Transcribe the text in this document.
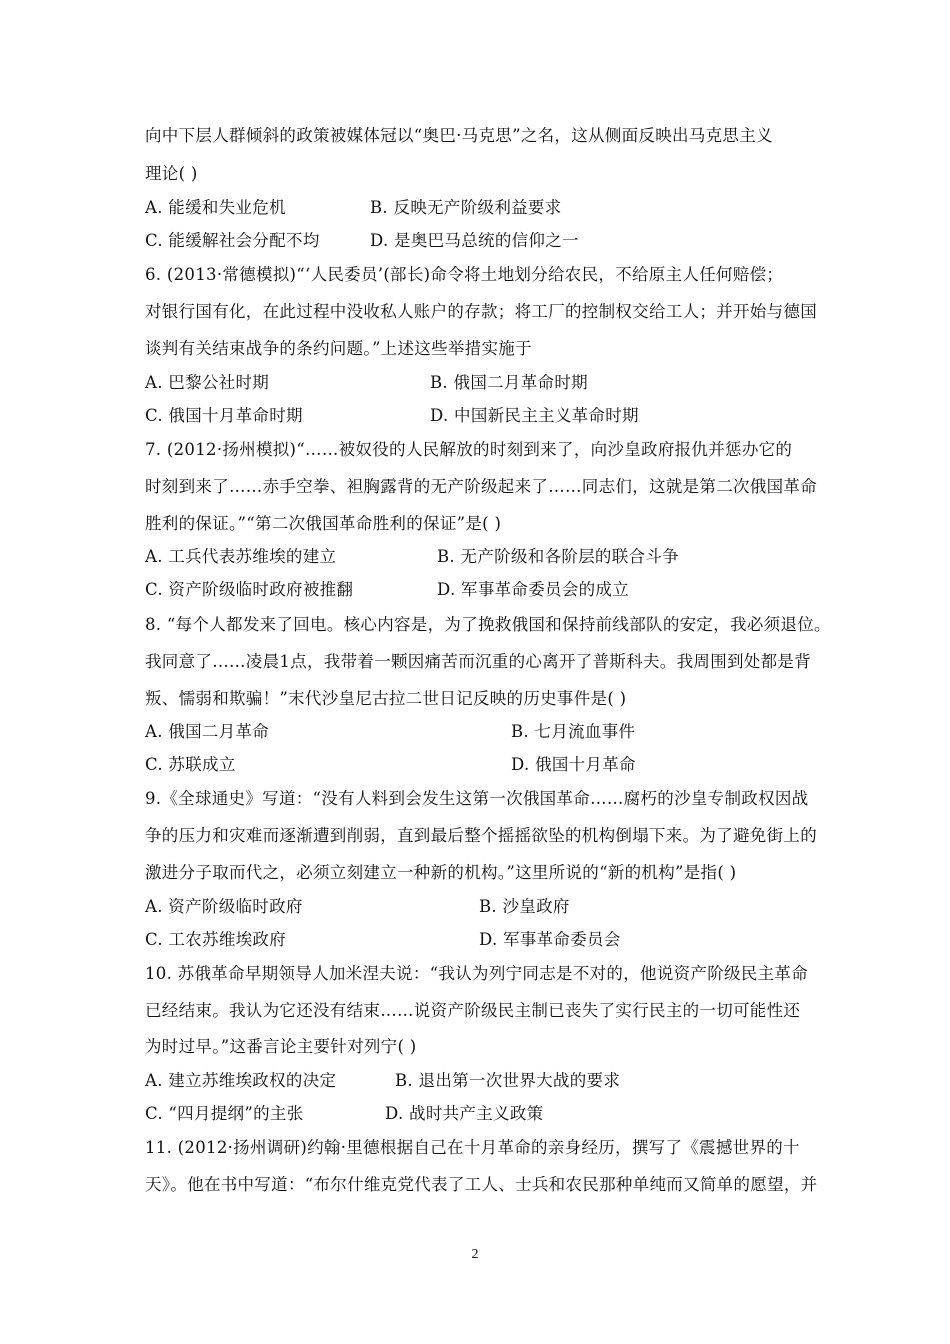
向中下层人群倾斜的政策被媒体冠以“奥巴·马克思”之名，这从侧面反映出马克思主义
理论( )
A. 能缓和失业危机	B. 反映无产阶级利益要求
C. 能缓解社会分配不均	D. 是奥巴马总统的信仰之一
6. (2013·常德模拟)“‘人民委员’(部长)命令将土地划分给农民，不给原主人任何赔偿；
对银行国有化，在此过程中没收私人账户的存款；将工厂的控制权交给工人；并开始与德国
谈判有关结束战争的条约问题。”上述这些举措实施于
A. 巴黎公社时期	B. 俄国二月革命时期
C. 俄国十月革命时期	D. 中国新民主主义革命时期
7. (2012·扬州模拟)“……被奴役的人民解放的时刻到来了，向沙皇政府报仇并惩办它的
时刻到来了……赤手空拳、袒胸露背的无产阶级起来了……同志们，这就是第二次俄国革命
胜利的保证。”“第二次俄国革命胜利的保证”是( )
A. 工兵代表苏维埃的建立	B. 无产阶级和各阶层的联合斗争
C. 资产阶级临时政府被推翻	D. 军事革命委员会的成立
8. “每个人都发来了回电。核心内容是，为了挽救俄国和保持前线部队的安定，我必须退位。
我同意了……凌晨1点，我带着一颗因痛苦而沉重的心离开了普斯科夫。我周围到处都是背
叛、懦弱和欺骗！”末代沙皇尼古拉二世日记反映的历史事件是( )
A. 俄国二月革命	B. 七月流血事件
C. 苏联成立	D. 俄国十月革命
9.《全球通史》写道：“没有人料到会发生这第一次俄国革命……腐朽的沙皇专制政权因战
争的压力和灾难而逐渐遭到削弱，直到最后整个摇摇欲坠的机构倒塌下来。为了避免街上的
激进分子取而代之，必须立刻建立一种新的机构。”这里所说的“新的机构”是指( )
A. 资产阶级临时政府	B. 沙皇政府
C. 工农苏维埃政府	D. 军事革命委员会
10. 苏俄革命早期领导人加米涅夫说：“我认为列宁同志是不对的，他说资产阶级民主革命
已经结束。我认为它还没有结束……说资产阶级民主制已丧失了实行民主的一切可能性还
为时过早。”这番言论主要针对列宁( )
A. 建立苏维埃政权的决定	B. 退出第一次世界大战的要求
C. “四月提纲”的主张	D. 战时共产主义政策
11. (2012·扬州调研)约翰·里德根据自己在十月革命的亲身经历，撰写了《震撼世界的十
天》。他在书中写道：“布尔什维克党代表了工人、士兵和农民那种单纯而又简单的愿望，并
2
